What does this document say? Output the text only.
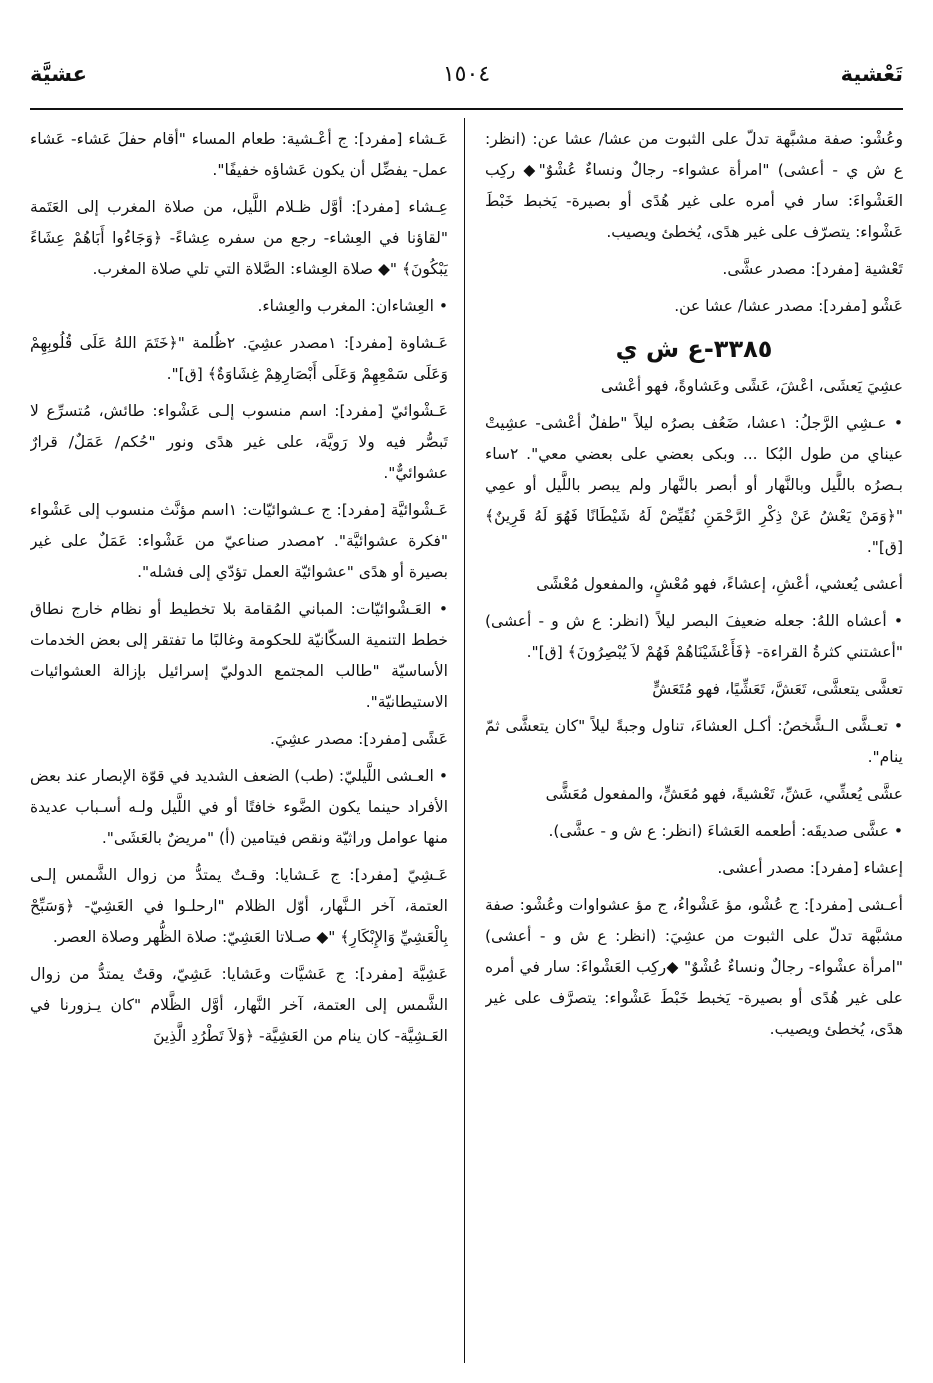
تَعْشية
١٥٠٤
عشيَّة

وعُشْو: صفة مشبَّهة تدلّ على الثبوت من عشا/ عشا عن: (انظر: ع ش ي - أعشى) "امرأة عشواء- رجالٌ ونساءٌ عُشْوٌ"◆ ركِب العَشْواءَ: سار في أمره على غير هُدًى أو بصيرة- يَخبط خَبْطَ عَشْواء: يتصرّف على غير هدًى، يُخطئ ويصيب.

تَعْشية [مفرد]: مصدر عشَّى.

عَشْو [مفرد]: مصدر عشا/ عشا عن.

٣٣٨٥-ع ش ي

عشِيَ يَعشَى، اعْشَ، عَشًى وعَشاوةً، فهو أعْشى

• عـشِي الرَّجلُ: ١عشا، ضَعُف بصرُه ليلاً "طفلٌ أعْشى- عشِيتْ عيناي من طول البُكا ... وبكى بعضي على بعضي معي". ٢ساء بـصرُه باللَّيل وبالنَّهار أو أبصر بالنَّهار ولم يبصر باللَّيل أو عمِي "﴿وَمَنْ يَعْشُ عَنْ ذِكْرِ الرَّحْمَنِ نُقَيِّضْ لَهُ شَيْطَانًا فَهُوَ لَهُ قَرِينٌ﴾ [ق]".

أعشى يُعشي، أعْشِ، إعشاءً، فهو مُعْشٍ، والمفعول مُعْشًى

• أعشاه اللهُ: جعله ضعيفَ البصر ليلاً (انظر: ع ش و - أعشى) "أعشتني كثرةُ القراءة- ﴿فَأَعْشَيْنَاهُمْ فَهُمْ لاَ يُبْصِرُونَ﴾ [ق]".

تعشَّى يتعشَّى، تَعَشَّ، تَعَشِّيًا، فهو مُتَعَشٍّ

• تعـشَّى الـشَّخصُ: أكـل العشاءَ، تناول وجبةً ليلاً "كان يتعشَّى ثمّ ينام".

عشَّى يُعشِّي، عَشِّ، تَعْشيةً، فهو مُعَشٍّ، والمفعول مُعَشًّى

• عشَّى صديقَه: أطعمه العَشاءَ (انظر: ع ش و - عشَّى).

إعشاء [مفرد]: مصدر أعشى.

أعـشى [مفرد]: ج عُشْو، مؤ عَشْواءُ، ج مؤ عشواوات وعُشْو: صفة مشبَّهة تدلّ على الثبوت من عشِيَ: (انظر: ع ش و - أعشى) "امرأة عشْواء- رجالٌ ونساءٌ عُشْوٌ" ◆ركِب العَشْواءَ: سار في أمره على غير هُدًى أو بصيرة- يَخبط خَبْطَ عَشْواء: يتصرَّف على غير هدًى، يُخطئ ويصيب.

عَـشاء [مفرد]: ج أعْـشية: طعام المساء "أقام حفلَ عَشاء- عَشاء عمل- يفضِّل أن يكون عَشاؤه خفيفًا".

عِـشاء [مفرد]: أوَّل ظـلام اللَّيل، من صلاة المغرب إلى العَتَمة "لقاؤنا في العِشاء- رجع من سفره عِشاءً- ﴿وَجَاءُوا أَبَاهُمْ عِشَاءً يَبْكُونَ﴾ "◆ صلاة العِشاء: الصَّلاة التي تلي صلاة المغرب.

• العِشاءان: المغرب والعِشاء.

عَـشاوة [مفرد]: ١مصدر عشِيَ. ٢ظُلمة "﴿خَتَمَ اللهُ عَلَى قُلُوبِهِمْ وَعَلَى سَمْعِهِمْ وَعَلَى أَبْصَارِهِمْ غِشَاوَةٌ﴾ [ق]".

عَـشْوائيّ [مفرد]: اسم منسوب إلـى عَشْواء: طائش، مُتسرِّع لا تَبصُّر فيه ولا رَويَّة، على غير هدًى ونور "حُكم/ عَمَلٌ/ قرارٌ عشوائيٌّ".

عَـشْوائيَّة [مفرد]: ج عـشوائيّات: ١اسم مؤنَّث منسوب إلى عَشْواء "فكرة عشوائيَّة". ٢مصدر صناعيّ من عَشْواء: عَمَلٌ على غير بصيرة أو هدًى "عشوائيّة العمل تؤدّي إلى فشله".

• العَـشْوائيّات: المباني المُقامة بلا تخطيط أو نظام خارج نطاق خطط التنمية السكّانيّة للحكومة وغالبًا ما تفتقر إلى بعض الخدمات الأساسيّة "طالب المجتمع الدوليّ إسرائيل بإزالة العشوائيات الاستيطانيّة".

عَشًى [مفرد]: مصدر عشِيَ.

• العـشى اللَّيليّ: (طب) الضعف الشديد في قوّة الإبصار عند بعض الأفراد حينما يكون الضَّوء خافتًا أو في اللَّيل ولـه أسـباب عديدة منها عوامل وراثيّة ونقص فيتامين (أ) "مريضٌ بالعَشَى".

عَـشِيّ [مفرد]: ج عَـشايا: وقـتٌ يمتدُّ من زوال الشَّمس إلـى العتمة، آخر الـنَّهار، أوّل الظلام "ارحلـوا في العَشِيّ- ﴿وَسَبِّحْ بِالْعَشِيِّ وَالإِبْكَارِ﴾ "◆ صـلاتا العَشِيّ: صلاة الظُّهر وصلاة العصر.

عَشِيَّة [مفرد]: ج عَشيَّات وعَشايا: عَشِيّ، وقتٌ يمتدُّ من زوال الشَّمس إلى العتمة، آخر النَّهار، أوَّل الظَّلام "كان يـزورنا في العَـشِيَّة- كان ينام من العَشِيَّة- ﴿وَلاَ تَطْرُدِ الَّذِينَ
